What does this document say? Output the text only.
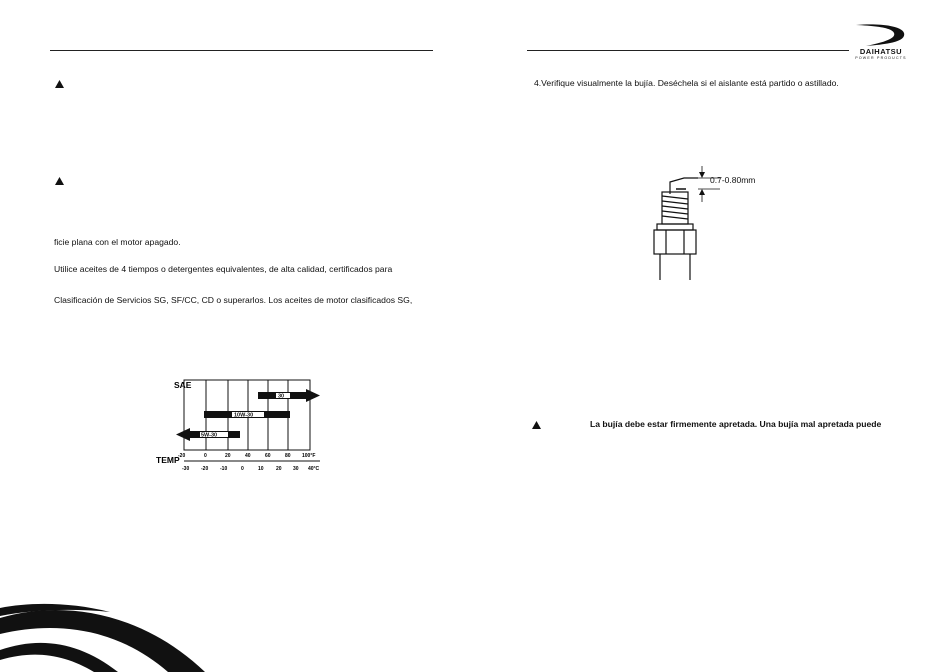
DAIHATSU
POWER PRODUCTS
ficie plana con el motor apagado.
Utilice aceites de 4 tiempos o detergentes equivalentes, de alta calidad, certificados para
Clasificación de Servicios SG, SF/CC, CD o superarlos. Los aceites de motor clasificados SG,
SAE
30
10W-30
5W-30
-20	0	20	40	60	80 100°F
TEMP
-30 -20 -10	0	10 20 30 40°C
4.Verifique visualmente la bujía. Deséchela si el aislante está partido o astillado.
0.7-0.80mm
La bujía debe estar firmemente apretada. Una bujía mal apretada puede
